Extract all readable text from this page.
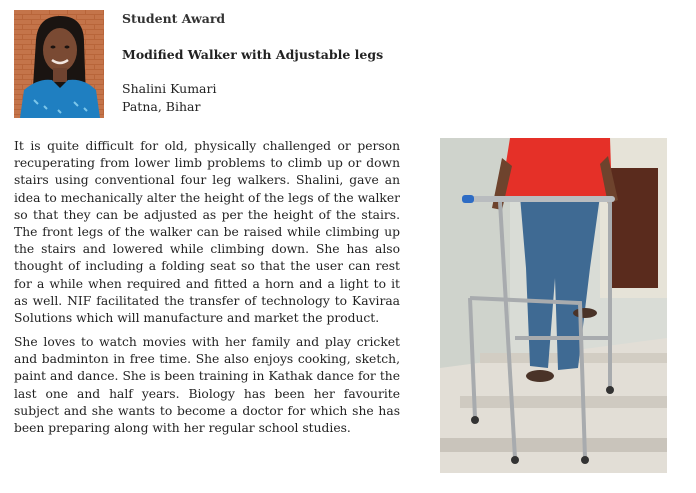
Student Award
Modified Walker with Adjustable legs
Shalini Kumari
Patna, Bihar

It is quite difficult for old, physically challenged or person recuperating from lower limb problems to climb up or down stairs using conventional four leg walkers. Shalini, gave an idea to mechanically alter the height of the legs of the walker so that they can be adjusted as per the height of the stairs. The front legs of the walker can be raised while climbing up the stairs and lowered while climbing down. She has also thought of including a folding seat so that the user can rest for a while when required and fitted a horn and a light to it as well. NIF facilitated the transfer of technology to Kaviraa Solutions which will manufacture and market the product.

She loves to watch movies with her family and play cricket and badminton in free time. She also enjoys cooking, sketch, paint and dance. She is been training in Kathak dance for the last one and half years. Biology has been her favourite subject and she wants to become a doctor for which she has been preparing along with her regular school studies.
